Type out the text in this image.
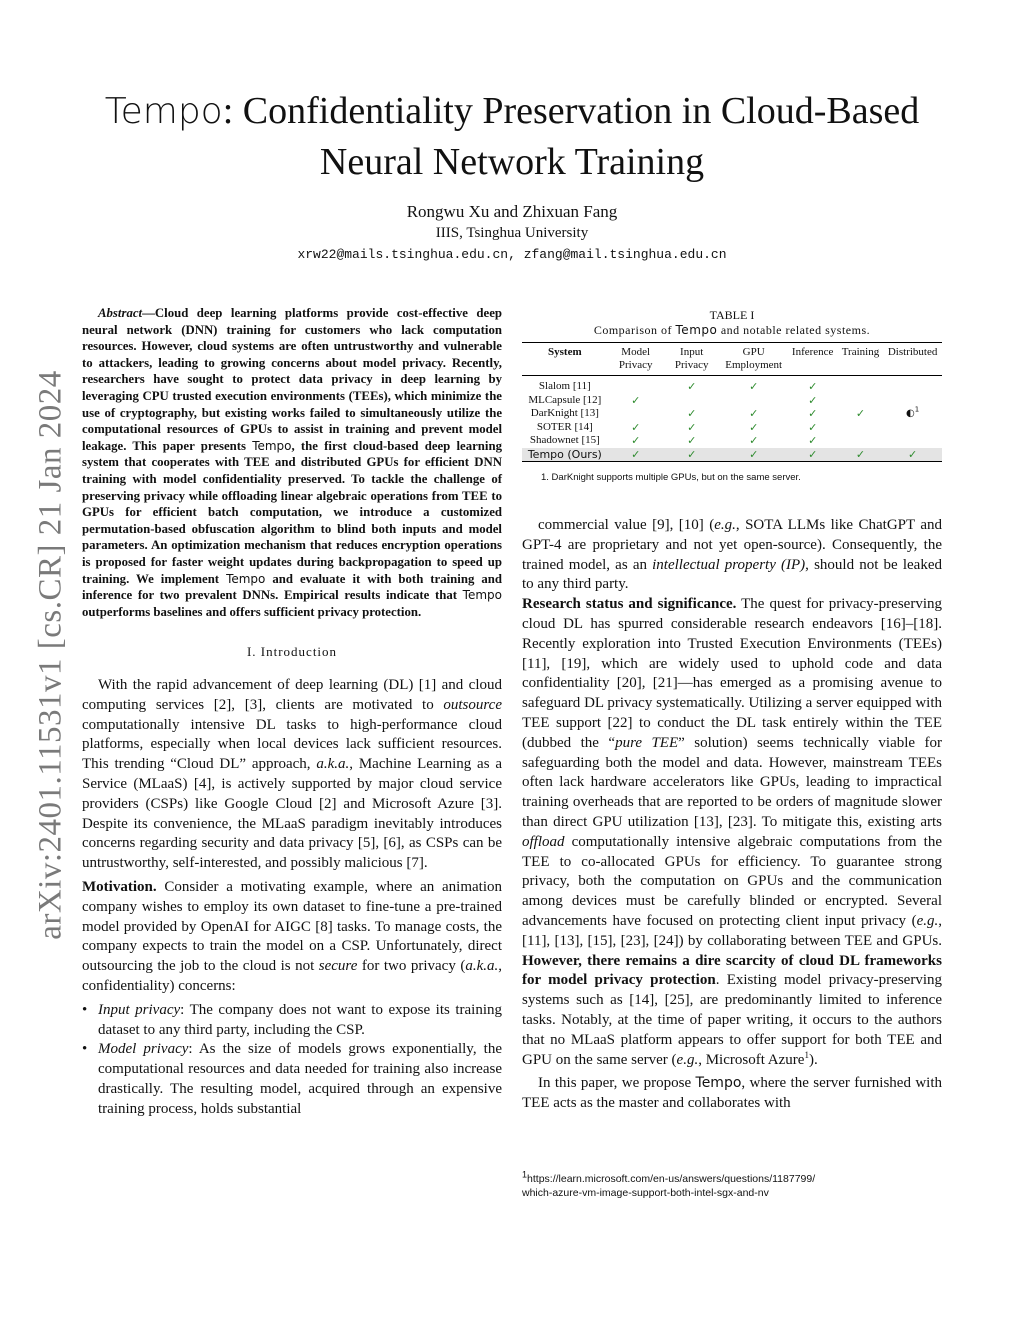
arXiv:2401.11531v1 [cs.CR] 21 Jan 2024
Tempo: Confidentiality Preservation in Cloud-Based
Neural Network Training
Rongwu Xu and Zhixuan Fang
IIIS, Tsinghua University
xrw22@mails.tsinghua.edu.cn, zfang@mail.tsinghua.edu.cn

Abstract—Cloud deep learning platforms provide cost-effective deep neural network (DNN) training for customers who lack computation resources. However, cloud systems are often untrustworthy and vulnerable to attackers, leading to growing concerns about model privacy. Recently, researchers have sought to protect data privacy in deep learning by leveraging CPU trusted execution environments (TEEs), which minimize the use of cryptography, but existing works failed to simultaneously utilize the computational resources of GPUs to assist in training and prevent model leakage. This paper presents Tempo, the first cloud-based deep learning system that cooperates with TEE and distributed GPUs for efficient DNN training with model confidentiality preserved. To tackle the challenge of preserving privacy while offloading linear algebraic operations from TEE to GPUs for efficient batch computation, we introduce a customized permutation-based obfuscation algorithm to blind both inputs and model parameters. An optimization mechanism that reduces encryption operations is proposed for faster weight updates during backpropagation to speed up training. We implement Tempo and evaluate it with both training and inference for two prevalent DNNs. Empirical results indicate that Tempo outperforms baselines and offers sufficient privacy protection.

I. Introduction

With the rapid advancement of deep learning (DL) [1] and cloud computing services [2], [3], clients are motivated to outsource computationally intensive DL tasks to high-performance cloud platforms, especially when local devices lack sufficient resources. This trending “Cloud DL” approach, a.k.a., Machine Learning as a Service (MLaaS) [4], is actively supported by major cloud service providers (CSPs) like Google Cloud [2] and Microsoft Azure [3]. Despite its convenience, the MLaaS paradigm inevitably introduces concerns regarding security and data privacy [5], [6], as CSPs can be untrustworthy, self-interested, and possibly malicious [7].

Motivation. Consider a motivating example, where an animation company wishes to employ its own dataset to fine-tune a pre-trained model provided by OpenAI for AIGC [8] tasks. To manage costs, the company expects to train the model on a CSP. Unfortunately, direct outsourcing the job to the cloud is not secure for two privacy (a.k.a., confidentiality) concerns:

• Input privacy: The company does not want to expose its training dataset to any third party, including the CSP.
• Model privacy: As the size of models grows exponentially, the computational resources and data needed for training also increase drastically. The resulting model, acquired through an expensive training process, holds substantial
TABLE I
Comparison of Tempo and notable related systems.
System	Model Privacy	Input Privacy	GPU Employment	Inference	Training	Distributed
Slalom [11]		✓	✓	✓		
MLCapsule [12]	✓			✓		
DarKnight [13]		✓	✓	✓	✓	◐$^1$
SOTER [14]	✓	✓	✓	✓		
Shadownet [15]	✓	✓	✓	✓		
Tempo (Ours)	✓	✓	✓	✓	✓	✓
1. DarKnight supports multiple GPUs, but on the same server.

commercial value [9], [10] (e.g., SOTA LLMs like ChatGPT and GPT-4 are proprietary and not yet open-source). Consequently, the trained model, as an intellectual property (IP), should not be leaked to any third party.

Research status and significance. The quest for privacy-preserving cloud DL has spurred considerable research endeavors [16]–[18]. Recently exploration into Trusted Execution Environments (TEEs) [11], [19], which are widely used to uphold code and data confidentiality [20], [21]—has emerged as a promising avenue to safeguard DL privacy systematically. Utilizing a server equipped with TEE support [22] to conduct the DL task entirely within the TEE (dubbed the “pure TEE” solution) seems technically viable for safeguarding both the model and data. However, mainstream TEEs often lack hardware accelerators like GPUs, leading to impractical training overheads that are reported to be orders of magnitude slower than direct GPU utilization [13], [23]. To mitigate this, existing arts offload computationally intensive algebraic computations from the TEE to co-allocated GPUs for efficiency. To guarantee strong privacy, both the computation on GPUs and the communication among devices must be carefully blinded or encrypted. Several advancements have focused on protecting client input privacy (e.g., [11], [13], [15], [23], [24]) by collaborating between TEE and GPUs. However, there remains a dire scarcity of cloud DL frameworks for model privacy protection. Existing model privacy-preserving systems such as [14], [25], are predominantly limited to inference tasks. Notably, at the time of paper writing, it occurs to the authors that no MLaaS platform appears to offer support for both TEE and GPU on the same server (e.g., Microsoft Azure$^1$).

In this paper, we propose Tempo, where the server furnished with TEE acts as the master and collaborates with

$^1$https://learn.microsoft.com/en-us/answers/questions/1187799/
which-azure-vm-image-support-both-intel-sgx-and-nv
